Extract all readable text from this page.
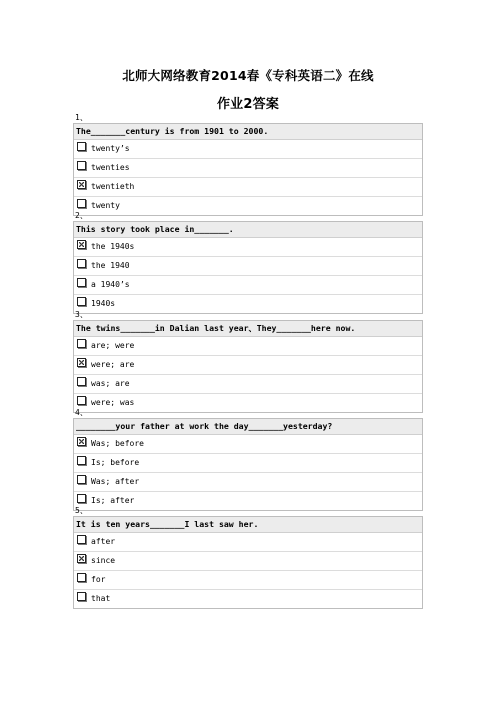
北师大网络教育2014春《专科英语二》在线
作业2答案
1、
The_______century is from 1901 to 2000.
twenty’s
twenties
twentieth
twenty
2、
This story took place in_______.
the 1940s
the 1940
a 1940’s
1940s
3、
The twins_______in Dalian last year、They_______here now.
are; were
were; are
was; are
were; was
4、
________your father at work the day_______yesterday?
Was; before
Is; before
Was; after
Is; after
5、
It is ten years_______I last saw her.
after
since
for
that
